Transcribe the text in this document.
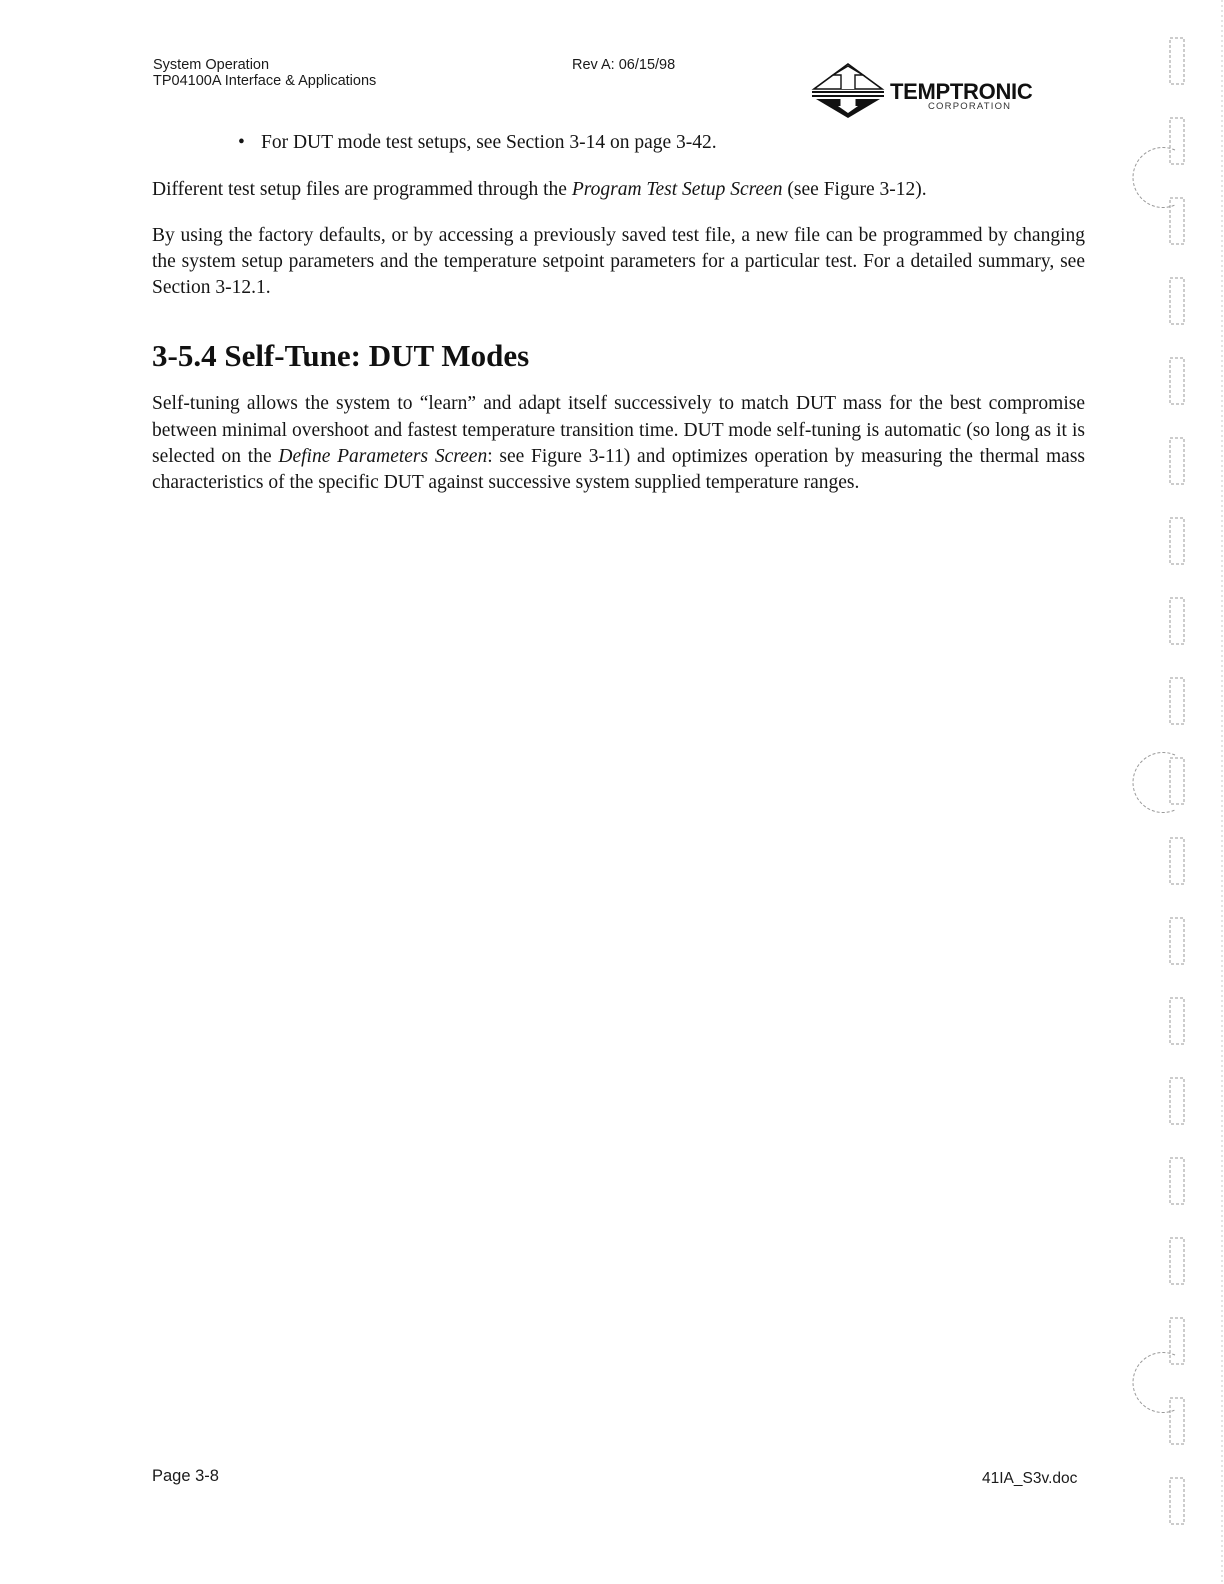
System Operation
TP04100A Interface & Applications
Rev A: 06/15/98
TEMPTRONIC
CORPORATION
• For DUT mode test setups, see Section 3-14 on page 3-42.

Different test setup files are programmed through the Program Test Setup Screen (see Figure 3-12).

By using the factory defaults, or by accessing a previously saved test file, a new file can be programmed by changing the system setup parameters and the temperature setpoint parameters for a particular test. For a detailed summary, see Section 3-12.1.

3-5.4 Self-Tune: DUT Modes

Self-tuning allows the system to “learn” and adapt itself successively to match DUT mass for the best compromise between minimal overshoot and fastest temperature transition time. DUT mode self-tuning is automatic (so long as it is selected on the Define Parameters Screen: see Figure 3-11) and optimizes operation by measuring the thermal mass characteristics of the specific DUT against successive system supplied temperature ranges.

Page 3-8	41IA_S3v.doc
